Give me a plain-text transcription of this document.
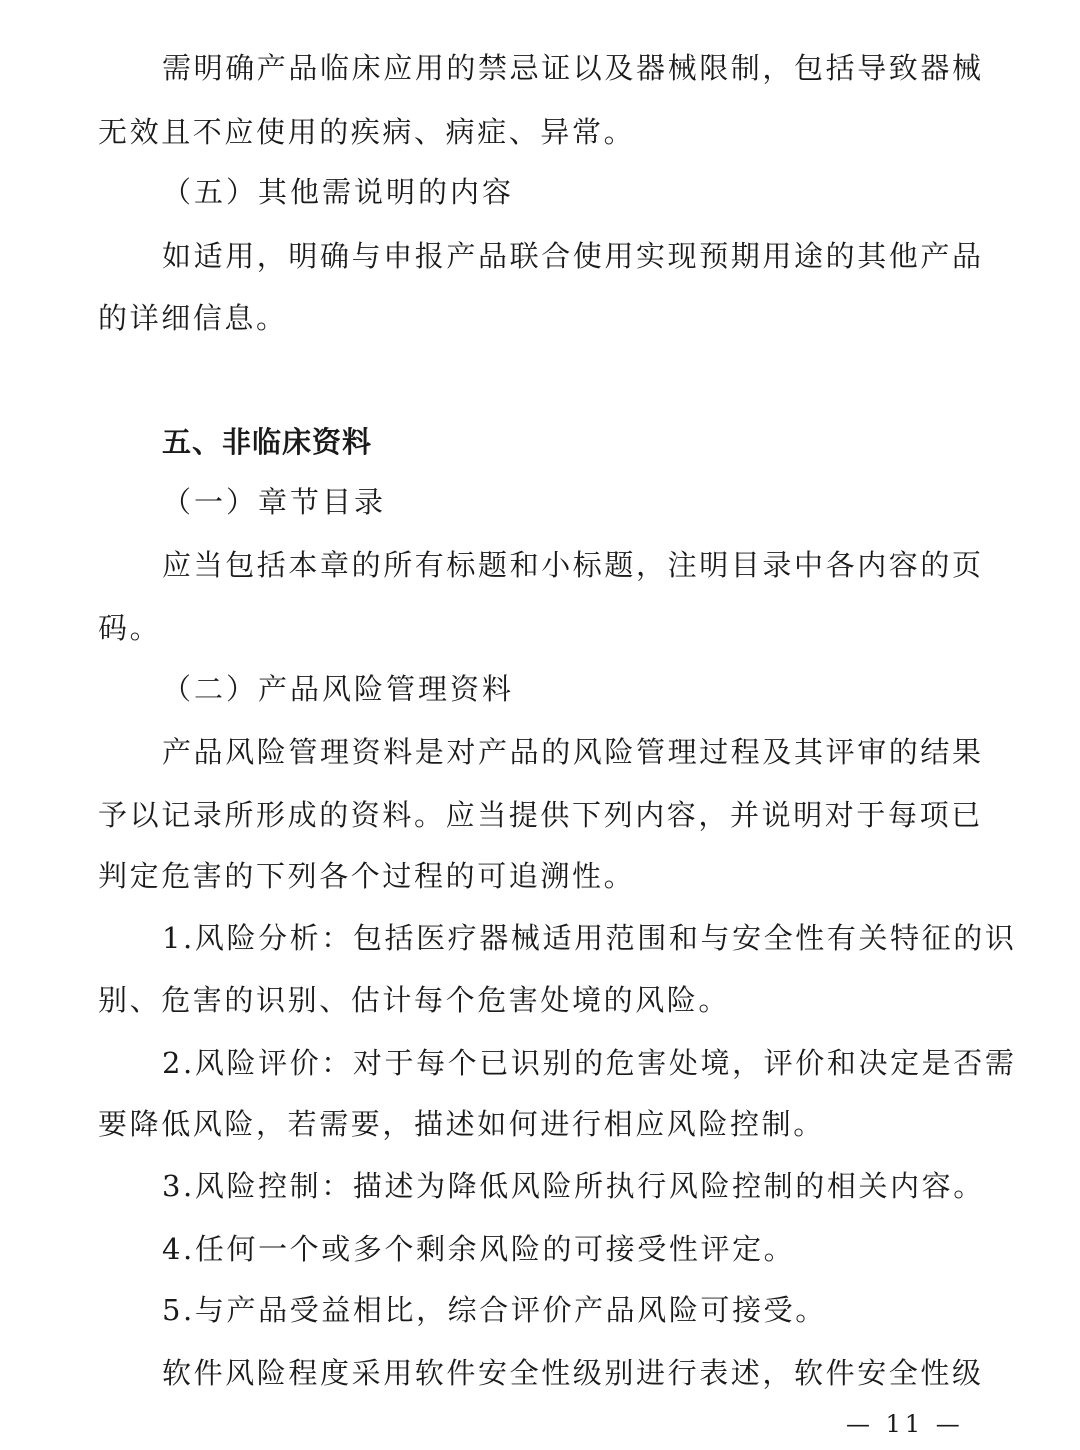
需明确产品临床应用的禁忌证以及器械限制，包括导致器械
无效且不应使用的疾病、病症、异常。
（五）其他需说明的内容
如适用，明确与申报产品联合使用实现预期用途的其他产品
的详细信息。
五、非临床资料
（一）章节目录
应当包括本章的所有标题和小标题，注明目录中各内容的页
码。
（二）产品风险管理资料
产品风险管理资料是对产品的风险管理过程及其评审的结果
予以记录所形成的资料。应当提供下列内容，并说明对于每项已
判定危害的下列各个过程的可追溯性。
1.风险分析：包括医疗器械适用范围和与安全性有关特征的识
别、危害的识别、估计每个危害处境的风险。
2.风险评价：对于每个已识别的危害处境，评价和决定是否需
要降低风险，若需要，描述如何进行相应风险控制。
3.风险控制：描述为降低风险所执行风险控制的相关内容。
4.任何一个或多个剩余风险的可接受性评定。
5.与产品受益相比，综合评价产品风险可接受。
软件风险程度采用软件安全性级别进行表述，软件安全性级
— 11 —
